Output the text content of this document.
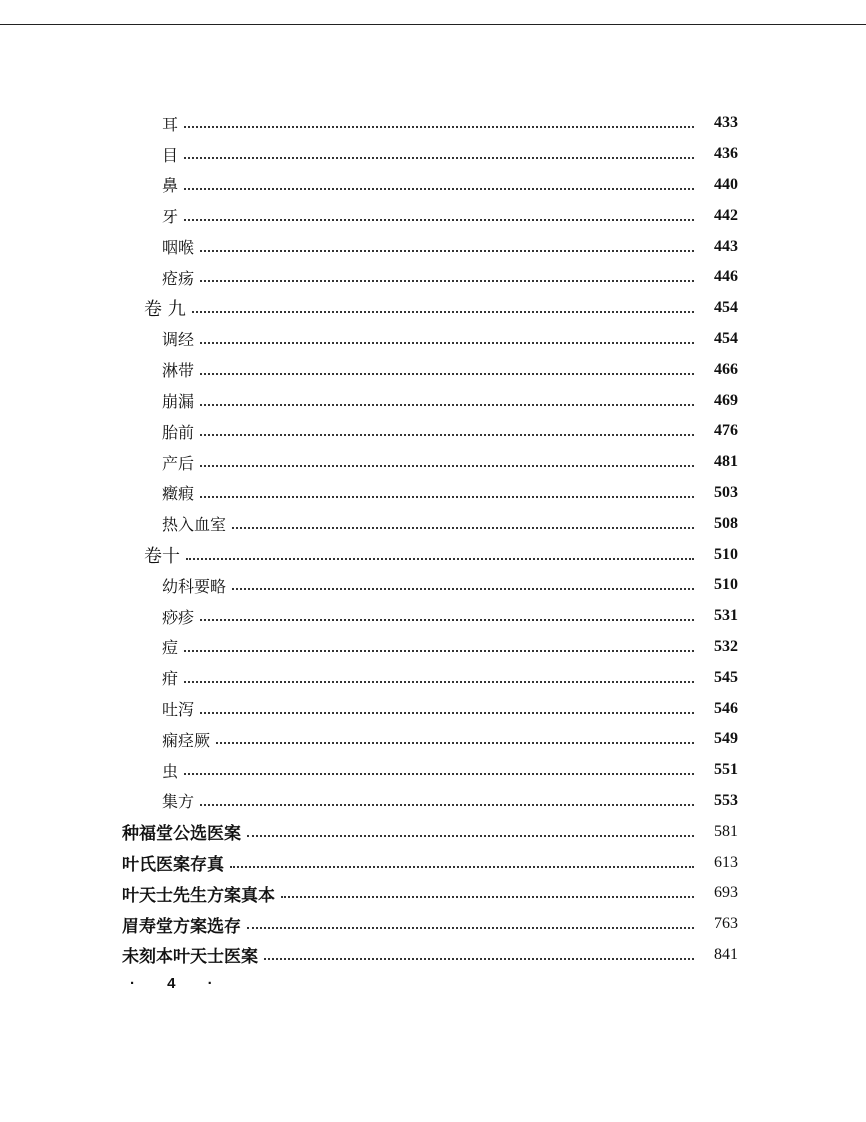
耳	433
目	436
鼻	440
牙	442
咽喉	443
疮疡	446
卷 九	454
调经	454
淋带	466
崩漏	469
胎前	476
产后	481
癥瘕	503
热入血室	508
卷十	510
幼科要略	510
痧疹	531
痘	532
疳	545
吐泻	546
痫痉厥	549
虫	551
集方	553
种福堂公选医案	581
叶氏医案存真	613
叶天士先生方案真本	693
眉寿堂方案选存	763
未刻本叶天士医案	841
· 4 ·
